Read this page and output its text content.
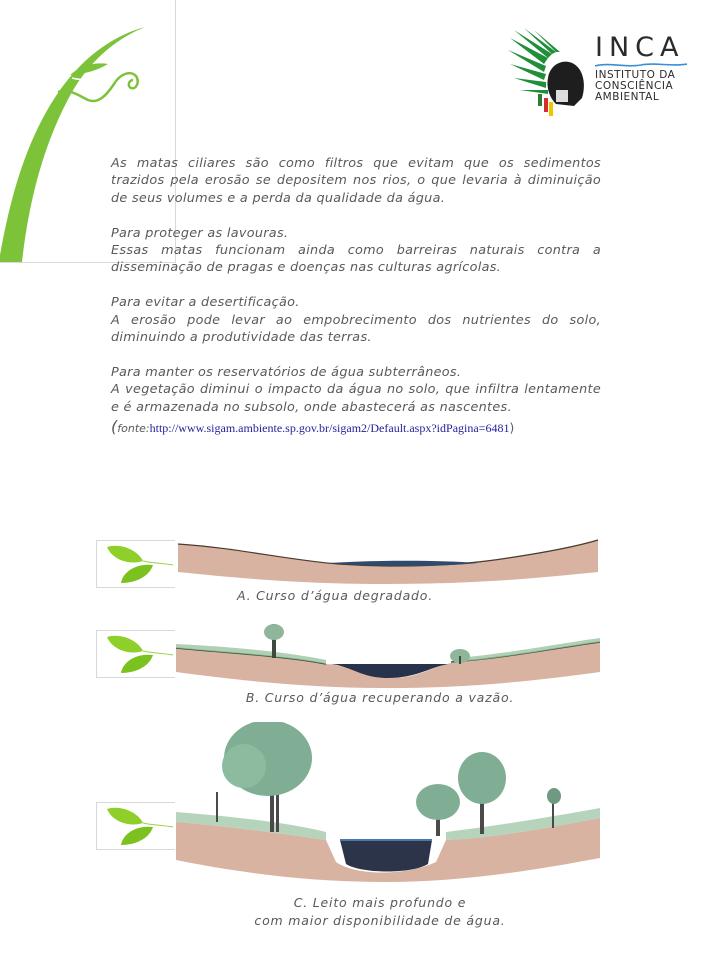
INCA
INSTITUTO DA
CONSCIÊNCIA
AMBIENTAL

As matas ciliares são como filtros que evitam que os sedimentos trazidos pela erosão se depositem nos rios, o que levaria à diminuição de seus volumes e a perda da qualidade da água.

Para proteger as lavouras.

Essas matas funcionam ainda como barreiras naturais contra a disseminação de pragas e doenças nas culturas agrícolas.

Para evitar a desertificação.

A erosão pode levar ao empobrecimento dos nutrientes do solo, diminuindo a produtividade das terras.

Para manter os reservatórios de água subterrâneos.

A vegetação diminui o impacto da água no solo, que infiltra lentamente e é armazenada no subsolo, onde abastecerá as nascentes.

(fonte:http://www.sigam.ambiente.sp.gov.br/sigam2/Default.aspx?idPagina=6481)
A. Curso d’água degradado.
B. Curso d’água recuperando a vazão.
C. Leito mais profundo e
com maior disponibilidade de água.
